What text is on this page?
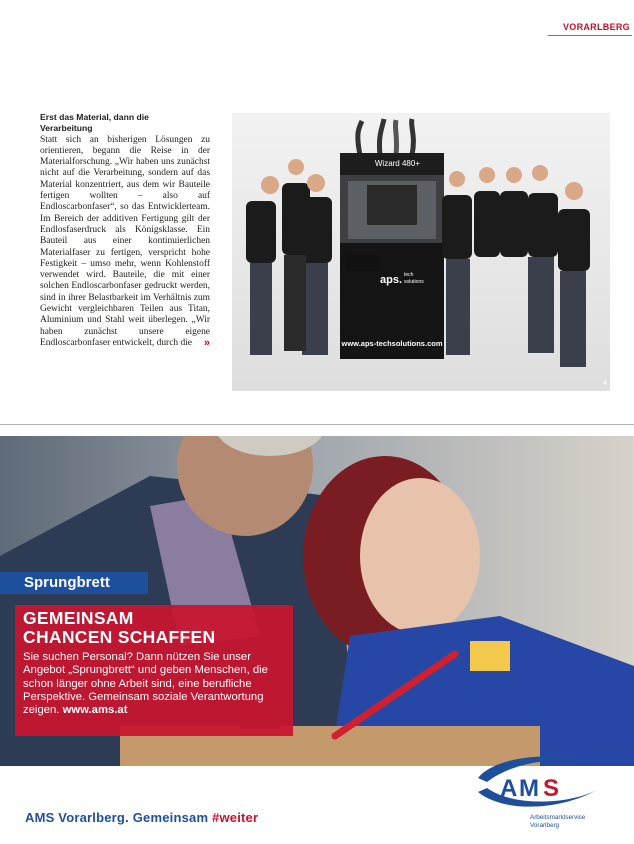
VORARLBERG
Erst das Material, dann die
Verarbeitung
Statt sich an bisherigen Lösungen zu orientieren, begann die Reise in der Materialforschung. „Wir haben uns zunächst nicht auf die Verarbeitung, sondern auf das Material konzentriert, aus dem wir Bauteile fertigen wollten – also auf Endloscarbonfaser“, so das Entwicklerteam. Im Bereich der additiven Fertigung gilt der Endlosfaserdruck als Königsklasse. Ein Bauteil aus einer kontinuierlichen Materialfaser zu fertigen, verspricht hohe Festigkeit – umso mehr, wenn Kohlenstoff verwendet wird. Bauteile, die mit einer solchen Endloscarbonfaser gedruckt werden, sind in ihrer Belastbarkeit im Verhältnis zum Gewicht vergleichbaren Teilen aus Titan, Aluminium und Stahl weit überlegen. „Wir haben zunächst unsere eigene Endloscarbonfaser entwickelt, durch die »
Wizard 480+
aps. tech
solutions
www.aps-techsolutions.com
4
Sprungbrett
GEMEINSAM
CHANCEN SCHAFFEN
Sie suchen Personal? Dann nützen Sie unser Angebot „Sprungbrett“ und geben Menschen, die schon länger ohne Arbeit sind, eine berufliche Perspektive. Gemeinsam soziale Verantwortung zeigen. www.ams.at
AMS Vorarlberg. Gemeinsam #weiter
A M S
Arbeitsmarktservice
Vorarlberg
